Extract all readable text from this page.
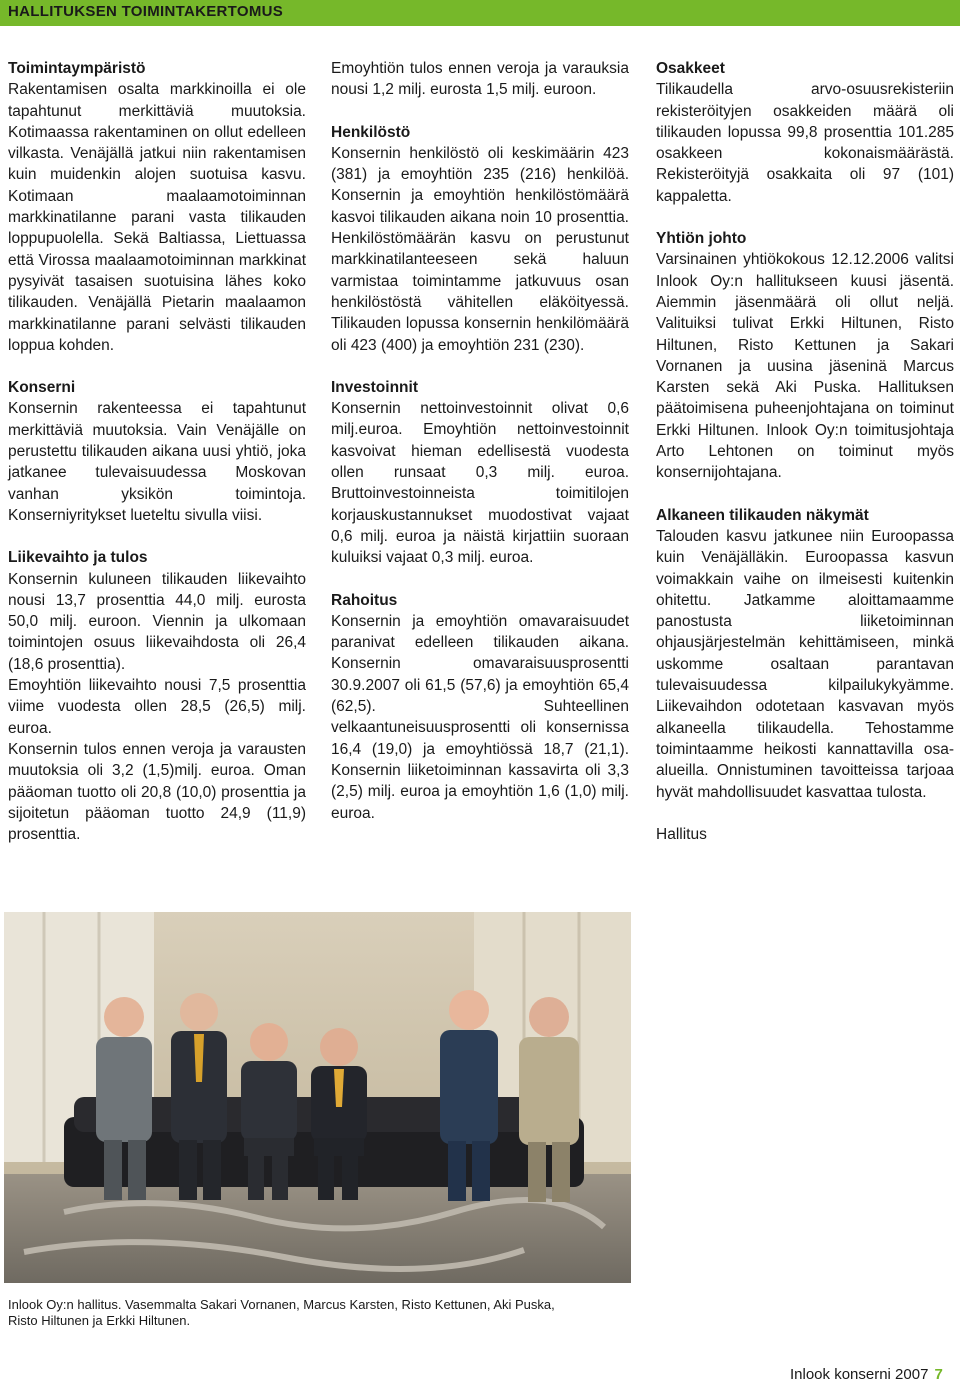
HALLITUKSEN TOIMINTAKERTOMUS
Toimintaympäristö

Rakentamisen osalta markkinoilla ei ole tapahtunut merkittäviä muutoksia. Kotimaassa rakentaminen on ollut edelleen vilkasta. Venäjällä jatkui niin rakentamisen kuin muidenkin alojen suotuisa kasvu. Kotimaan maalaamotoiminnan markkinatilanne parani vasta tilikauden loppupuolella. Sekä Baltiassa, Liettuassa että Virossa maalaamotoiminnan markkinat pysyivät tasaisen suotuisina lähes koko tilikauden. Venäjällä Pietarin maalaamon markkinatilanne parani selvästi tilikauden loppua kohden.

Konserni

Konsernin rakenteessa ei tapahtunut merkittäviä muutoksia. Vain Venäjälle on perustettu tilikauden aikana uusi yhtiö, joka jatkanee tulevaisuudessa Moskovan vanhan yksikön toimintoja. Konserniyritykset lueteltu sivulla viisi.

Liikevaihto ja tulos

Konsernin kuluneen tilikauden liikevaihto nousi 13,7 prosenttia 44,0 milj. eurosta 50,0 milj. euroon. Viennin ja ulkomaan toimintojen osuus liikevaihdosta oli 26,4 (18,6 prosenttia).

Emoyhtiön liikevaihto nousi 7,5 prosenttia viime vuodesta ollen 28,5 (26,5) milj. euroa.

Konsernin tulos ennen veroja ja varausten muutoksia oli 3,2 (1,5)milj. euroa. Oman pääoman tuotto oli 20,8 (10,0) prosenttia ja sijoitetun pääoman tuotto 24,9 (11,9) prosenttia.

Emoyhtiön tulos ennen veroja ja varauksia nousi 1,2 milj. eurosta 1,5 milj. euroon.

Henkilöstö

Konsernin henkilöstö oli keskimäärin 423 (381) ja emoyhtiön 235 (216) henkilöä. Konsernin ja emoyhtiön henkilöstömäärä kasvoi tilikauden aikana noin 10 prosenttia. Henkilöstömäärän kasvu on perustunut markkinatilanteeseen sekä haluun varmistaa toimintamme jatkuvuus osan henkilöstöstä vähitellen eläköityessä. Tilikauden lopussa konsernin henkilömäärä oli 423 (400) ja emoyhtiön 231 (230).

Investoinnit

Konsernin nettoinvestoinnit olivat 0,6 milj.euroa. Emoyhtiön nettoinvestoinnit kasvoivat hieman edellisestä vuodesta ollen runsaat 0,3 milj. euroa. Bruttoinvestoinneista toimitilojen korjauskustannukset muodostivat vajaat 0,6 milj. euroa ja näistä kirjattiin suoraan kuluiksi vajaat 0,3 milj. euroa.

Rahoitus

Konsernin ja emoyhtiön omavaraisuudet paranivat edelleen tilikauden aikana. Konsernin omavaraisuusprosentti 30.9.2007 oli 61,5 (57,6) ja emoyhtiön 65,4 (62,5). Suhteellinen velkaantuneisuusprosentti oli konsernissa 16,4 (19,0) ja emoyhtiössä 18,7 (21,1). Konsernin liiketoiminnan kassavirta oli 3,3 (2,5) milj. euroa ja emoyhtiön 1,6 (1,0) milj. euroa.

Osakkeet

Tilikaudella arvo-osuusrekisteriin rekisteröityjen osakkeiden määrä oli tilikauden lopussa 99,8 prosenttia 101.285 osakkeen kokonaismäärästä. Rekisteröityjä osakkaita oli 97 (101) kappaletta.

Yhtiön johto

Varsinainen yhtiökokous 12.12.2006 valitsi Inlook Oy:n hallitukseen kuusi jäsentä. Aiemmin jäsenmäärä oli ollut neljä. Valituiksi tulivat Erkki Hiltunen, Risto Hiltunen, Risto Kettunen ja Sakari Vornanen ja uusina jäseninä Marcus Karsten sekä Aki Puska. Hallituksen päätoimisena puheenjohtajana on toiminut Erkki Hiltunen. Inlook Oy:n toimitusjohtaja Arto Lehtonen on toiminut myös konsernijohtajana.

Alkaneen tilikauden näkymät

Talouden kasvu jatkunee niin Euroopassa kuin Venäjälläkin. Euroopassa kasvun voimakkain vaihe on ilmeisesti kuitenkin ohitettu. Jatkamme aloittamaamme panostusta liiketoiminnan ohjausjärjestelmän kehittämiseen, minkä uskomme osaltaan parantavan tulevaisuudessa kilpailukykyämme. Liikevaihdon odotetaan kasvavan myös alkaneella tilikaudella. Tehostamme toimintaamme heikosti kannattavilla osa-alueilla. Onnistuminen tavoitteissa tarjoaa hyvät mahdollisuudet kasvattaa tulosta.

Hallitus

Inlook Oy:n hallitus. Vasemmalta Sakari Vornanen, Marcus Karsten, Risto Kettunen, Aki Puska,
Risto Hiltunen ja Erkki Hiltunen.
Inlook konserni 2007 7
